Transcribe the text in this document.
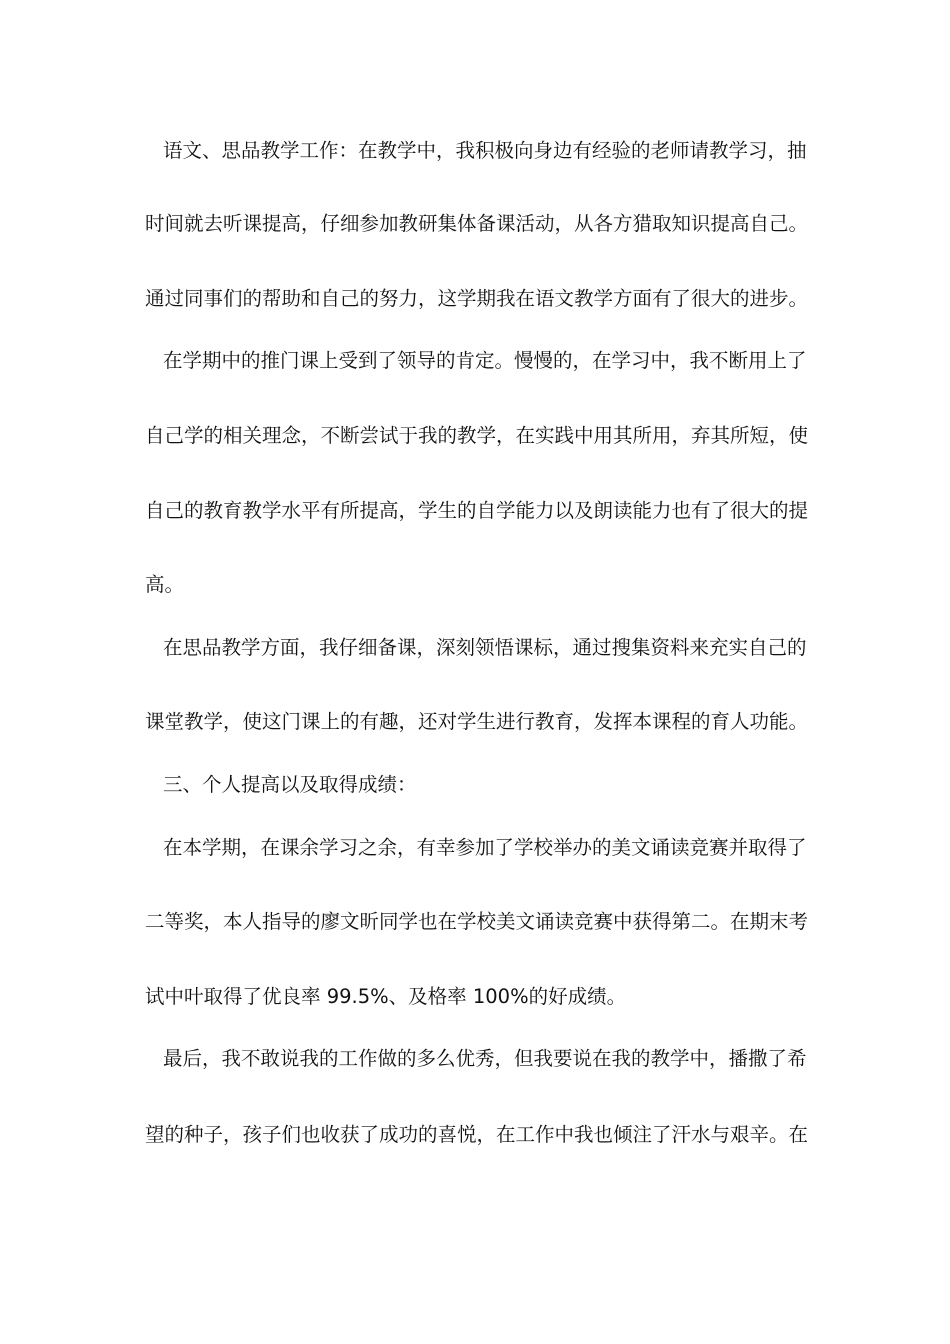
语文、思品教学工作：在教学中，我积极向身边有经验的老师请教学习，抽
时间就去听课提高，仔细参加教研集体备课活动，从各方猎取知识提高自己。
通过同事们的帮助和自己的努力，这学期我在语文教学方面有了很大的进步。
在学期中的推门课上受到了领导的肯定。慢慢的，在学习中，我不断用上了
自己学的相关理念，不断尝试于我的教学，在实践中用其所用，弃其所短，使
自己的教育教学水平有所提高，学生的自学能力以及朗读能力也有了很大的提
高。
在思品教学方面，我仔细备课，深刻领悟课标，通过搜集资料来充实自己的
课堂教学，使这门课上的有趣，还对学生进行教育，发挥本课程的育人功能。
三、个人提高以及取得成绩：
在本学期，在课余学习之余，有幸参加了学校举办的美文诵读竞赛并取得了
二等奖，本人指导的廖文昕同学也在学校美文诵读竞赛中获得第二。在期末考
试中叶取得了优良率 99.5%、及格率 100%的好成绩。
最后，我不敢说我的工作做的多么优秀，但我要说在我的教学中，播撒了希
望的种子，孩子们也收获了成功的喜悦，在工作中我也倾注了汗水与艰辛。在
